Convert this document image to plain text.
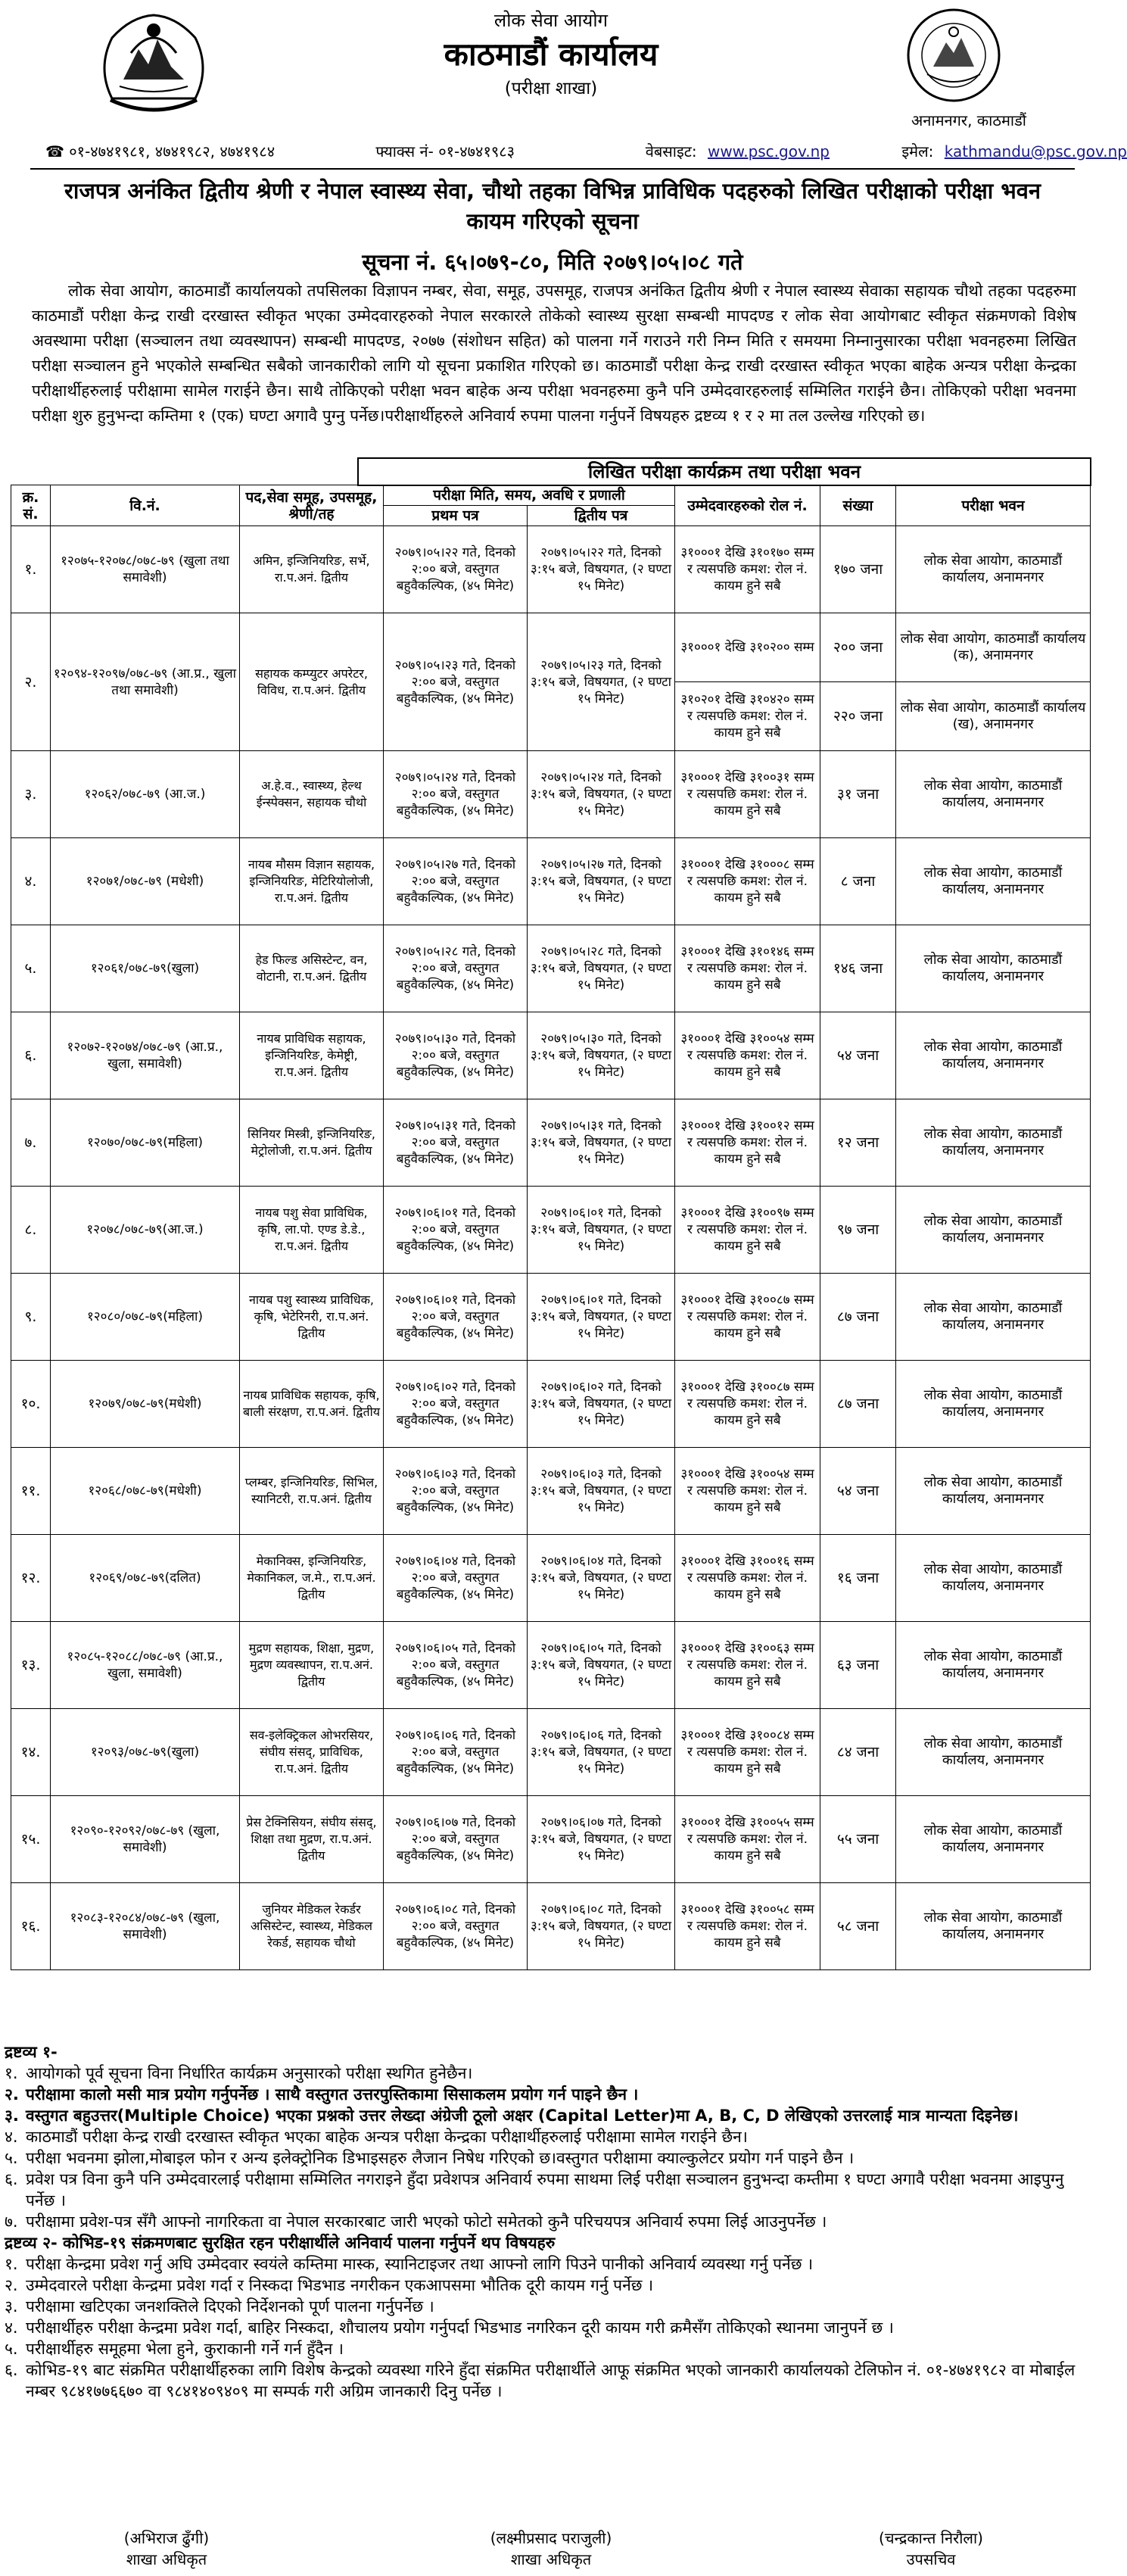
लोक सेवा आयोग
काठमाडौं कार्यालय
(परीक्षा शाखा)
अनामनगर, काठमाडौं
☎ ०१-४७४१९८१, ४७४१९८२, ४७४१९८४	फ्याक्स नं- ०१-४७४१९८३	वेबसाइट: www.psc.gov.np	इमेल: kathmandu@psc.gov.np
राजपत्र अनंकित द्वितीय श्रेणी र नेपाल स्वास्थ्य सेवा, चौथो तहका विभिन्न प्राविधिक पदहरुको लिखित परीक्षाको परीक्षा भवन
कायम गरिएको सूचना
सूचना नं. ६५।०७९-८०, मिति २०७९।०५।०८ गते
लोक सेवा आयोग, काठमाडौं कार्यालयको तपसिलका विज्ञापन नम्बर, सेवा, समूह, उपसमूह, राजपत्र अनंकित द्वितीय श्रेणी र नेपाल स्वास्थ्य सेवाका सहायक चौथो तहका पदहरुमा काठमाडौं परीक्षा केन्द्र राखी दरखास्त स्वीकृत भएका उम्मेदवारहरुको नेपाल सरकारले तोकेको स्वास्थ्य सुरक्षा सम्बन्धी मापदण्ड र लोक सेवा आयोगबाट स्वीकृत संक्रमणको विशेष अवस्थामा परीक्षा (सञ्चालन तथा व्यवस्थापन) सम्बन्धी मापदण्ड, २०७७ (संशोधन सहित) को पालना गर्ने गराउने गरी निम्न मिति र समयमा निम्नानुसारका परीक्षा भवनहरुमा लिखित परीक्षा सञ्चालन हुने भएकोले सम्बन्धित सबैको जानकारीको लागि यो सूचना प्रकाशित गरिएको छ। काठमाडौं परीक्षा केन्द्र राखी दरखास्त स्वीकृत भएका बाहेक अन्यत्र परीक्षा केन्द्रका परीक्षार्थीहरुलाई परीक्षामा सामेल गराईने छैन। साथै तोकिएको परीक्षा भवन बाहेक अन्य परीक्षा भवनहरुमा कुनै पनि उम्मेदवारहरुलाई सम्मिलित गराईने छैन। तोकिएको परीक्षा भवनमा परीक्षा शुरु हुनुभन्दा कम्तिमा १ (एक) घण्टा अगावै पुग्नु पर्नेछ।परीक्षार्थीहरुले अनिवार्य रुपमा पालना गर्नुपर्ने विषयहरु द्रष्टव्य १ र २ मा तल उल्लेख गरिएको छ।
लिखित परीक्षा कार्यक्रम तथा परीक्षा भवन
क्र. सं.	वि.नं.	पद,सेवा समूह, उपसमूह, श्रेणी/तह	परीक्षा मिति, समय, अवधि र प्रणाली		उम्मेदवारहरुको रोल नं.	संख्या	परीक्षा भवन
			प्रथम पत्र	द्वितीय पत्र			
१.	१२०७५-१२०७८/०७८-७९ (खुला तथा समावेशी)	अमिन, इन्जिनियरिङ, सर्भे, रा.प.अनं. द्वितीय	२०७९।०५।२२ गते, दिनको २:०० बजे, वस्तुगत बहुवैकल्पिक, (४५ मिनेट)	२०७९।०५।२२ गते, दिनको ३:१५ बजे, विषयगत, (२ घण्टा १५ मिनेट)	३१०००१ देखि ३१०१७० सम्म र त्यसपछि कमश: रोल नं. कायम हुने सबै	१७० जना	लोक सेवा आयोग, काठमाडौं कार्यालय, अनामनगर
२.	१२०९४-१२०९७/०७८-७९ (आ.प्र., खुला तथा समावेशी)	सहायक कम्प्युटर अपरेटर, विविध, रा.प.अनं. द्वितीय	२०७९।०५।२३ गते, दिनको २:०० बजे, वस्तुगत बहुवैकल्पिक, (४५ मिनेट)	२०७९।०५।२३ गते, दिनको ३:१५ बजे, विषयगत, (२ घण्टा १५ मिनेट)	३१०००१ देखि ३१०२०० सम्म	२०० जना	लोक सेवा आयोग, काठमाडौं कार्यालय (क), अनामनगर
					३१०२०१ देखि ३१०४२० सम्म र त्यसपछि कमश: रोल नं. कायम हुने सबै	२२० जना	लोक सेवा आयोग, काठमाडौं कार्यालय (ख), अनामनगर
३.	१२०६२/०७८-७९ (आ.ज.)	अ.हे.व., स्वास्थ्य, हेल्थ ईन्स्पेक्सन, सहायक चौथो	२०७९।०५।२४ गते, दिनको २:०० बजे, वस्तुगत बहुवैकल्पिक, (४५ मिनेट)	२०७९।०५।२४ गते, दिनको ३:१५ बजे, विषयगत, (२ घण्टा १५ मिनेट)	३१०००१ देखि ३१००३१ सम्म र त्यसपछि कमश: रोल नं. कायम हुने सबै	३१ जना	लोक सेवा आयोग, काठमाडौं कार्यालय, अनामनगर
४.	१२०७१/०७८-७९ (मधेशी)	नायब मौसम विज्ञान सहायक, इन्जिनियरिङ, मेटिरियोलोजी, रा.प.अनं. द्वितीय	२०७९।०५।२७ गते, दिनको २:०० बजे, वस्तुगत बहुवैकल्पिक, (४५ मिनेट)	२०७९।०५।२७ गते, दिनको ३:१५ बजे, विषयगत, (२ घण्टा १५ मिनेट)	३१०००१ देखि ३१०००८ सम्म र त्यसपछि कमश: रोल नं. कायम हुने सबै	८ जना	लोक सेवा आयोग, काठमाडौं कार्यालय, अनामनगर
५.	१२०६१/०७८-७९(खुला)	हेड फिल्ड असिस्टेन्ट, वन, वोटानी, रा.प.अनं. द्वितीय	२०७९।०५।२८ गते, दिनको २:०० बजे, वस्तुगत बहुवैकल्पिक, (४५ मिनेट)	२०७९।०५।२८ गते, दिनको ३:१५ बजे, विषयगत, (२ घण्टा १५ मिनेट)	३१०००१ देखि ३१०१४६ सम्म र त्यसपछि कमश: रोल नं. कायम हुने सबै	१४६ जना	लोक सेवा आयोग, काठमाडौं कार्यालय, अनामनगर
६.	१२०७२-१२०७४/०७८-७९ (आ.प्र., खुला, समावेशी)	नायब प्राविधिक सहायक, इन्जिनियरिङ, केमेष्ट्री, रा.प.अनं. द्वितीय	२०७९।०५।३० गते, दिनको २:०० बजे, वस्तुगत बहुवैकल्पिक, (४५ मिनेट)	२०७९।०५।३० गते, दिनको ३:१५ बजे, विषयगत, (२ घण्टा १५ मिनेट)	३१०००१ देखि ३१००५४ सम्म र त्यसपछि कमश: रोल नं. कायम हुने सबै	५४ जना	लोक सेवा आयोग, काठमाडौं कार्यालय, अनामनगर
७.	१२०७०/०७८-७९(महिला)	सिनियर मिस्त्री, इन्जिनियरिङ, मेट्रोलोजी, रा.प.अनं. द्वितीय	२०७९।०५।३१ गते, दिनको २:०० बजे, वस्तुगत बहुवैकल्पिक, (४५ मिनेट)	२०७९।०५।३१ गते, दिनको ३:१५ बजे, विषयगत, (२ घण्टा १५ मिनेट)	३१०००१ देखि ३१००१२ सम्म र त्यसपछि कमश: रोल नं. कायम हुने सबै	१२ जना	लोक सेवा आयोग, काठमाडौं कार्यालय, अनामनगर
८.	१२०७८/०७८-७९(आ.ज.)	नायब पशु सेवा प्राविधिक, कृषि, ला.पो. एण्ड डे.डे., रा.प.अनं. द्वितीय	२०७९।०६।०१ गते, दिनको २:०० बजे, वस्तुगत बहुवैकल्पिक, (४५ मिनेट)	२०७९।०६।०१ गते, दिनको ३:१५ बजे, विषयगत, (२ घण्टा १५ मिनेट)	३१०००१ देखि ३१००९७ सम्म र त्यसपछि कमश: रोल नं. कायम हुने सबै	९७ जना	लोक सेवा आयोग, काठमाडौं कार्यालय, अनामनगर
९.	१२०८०/०७८-७९(महिला)	नायब पशु स्वास्थ्य प्राविधिक, कृषि, भेटेरिनरी, रा.प.अनं. द्वितीय	२०७९।०६।०१ गते, दिनको २:०० बजे, वस्तुगत बहुवैकल्पिक, (४५ मिनेट)	२०७९।०६।०१ गते, दिनको ३:१५ बजे, विषयगत, (२ घण्टा १५ मिनेट)	३१०००१ देखि ३१००८७ सम्म र त्यसपछि कमश: रोल नं. कायम हुने सबै	८७ जना	लोक सेवा आयोग, काठमाडौं कार्यालय, अनामनगर
१०.	१२०७९/०७८-७९(मधेशी)	नायब प्राविधिक सहायक, कृषि, बाली संरक्षण, रा.प.अनं. द्वितीय	२०७९।०६।०२ गते, दिनको २:०० बजे, वस्तुगत बहुवैकल्पिक, (४५ मिनेट)	२०७९।०६।०२ गते, दिनको ३:१५ बजे, विषयगत, (२ घण्टा १५ मिनेट)	३१०००१ देखि ३१००८७ सम्म र त्यसपछि कमश: रोल नं. कायम हुने सबै	८७ जना	लोक सेवा आयोग, काठमाडौं कार्यालय, अनामनगर
११.	१२०६८/०७८-७९(मधेशी)	प्लम्बर, इन्जिनियरिङ, सिभिल, स्यानिटरी, रा.प.अनं. द्वितीय	२०७९।०६।०३ गते, दिनको २:०० बजे, वस्तुगत बहुवैकल्पिक, (४५ मिनेट)	२०७९।०६।०३ गते, दिनको ३:१५ बजे, विषयगत, (२ घण्टा १५ मिनेट)	३१०००१ देखि ३१००५४ सम्म र त्यसपछि कमश: रोल नं. कायम हुने सबै	५४ जना	लोक सेवा आयोग, काठमाडौं कार्यालय, अनामनगर
१२.	१२०६९/०७८-७९(दलित)	मेकानिक्स, इन्जिनियरिङ, मेकानिकल, ज.मे., रा.प.अनं. द्वितीय	२०७९।०६।०४ गते, दिनको २:०० बजे, वस्तुगत बहुवैकल्पिक, (४५ मिनेट)	२०७९।०६।०४ गते, दिनको ३:१५ बजे, विषयगत, (२ घण्टा १५ मिनेट)	३१०००१ देखि ३१००१६ सम्म र त्यसपछि कमश: रोल नं. कायम हुने सबै	१६ जना	लोक सेवा आयोग, काठमाडौं कार्यालय, अनामनगर
१३.	१२०८५-१२०८८/०७८-७९ (आ.प्र., खुला, समावेशी)	मुद्रण सहायक, शिक्षा, मुद्रण, मुद्रण व्यवस्थापन, रा.प.अनं. द्वितीय	२०७९।०६।०५ गते, दिनको २:०० बजे, वस्तुगत बहुवैकल्पिक, (४५ मिनेट)	२०७९।०६।०५ गते, दिनको ३:१५ बजे, विषयगत, (२ घण्टा १५ मिनेट)	३१०००१ देखि ३१००६३ सम्म र त्यसपछि कमश: रोल नं. कायम हुने सबै	६३ जना	लोक सेवा आयोग, काठमाडौं कार्यालय, अनामनगर
१४.	१२०९३/०७८-७९(खुला)	सव-इलेक्ट्रिकल ओभरसियर, संघीय संसद्, प्राविधिक, रा.प.अनं. द्वितीय	२०७९।०६।०६ गते, दिनको २:०० बजे, वस्तुगत बहुवैकल्पिक, (४५ मिनेट)	२०७९।०६।०६ गते, दिनको ३:१५ बजे, विषयगत, (२ घण्टा १५ मिनेट)	३१०००१ देखि ३१००८४ सम्म र त्यसपछि कमश: रोल नं. कायम हुने सबै	८४ जना	लोक सेवा आयोग, काठमाडौं कार्यालय, अनामनगर
१५.	१२०९०-१२०९२/०७८-७९ (खुला, समावेशी)	प्रेस टेक्निसियन, संघीय संसद्, शिक्षा तथा मुद्रण, रा.प.अनं. द्वितीय	२०७९।०६।०७ गते, दिनको २:०० बजे, वस्तुगत बहुवैकल्पिक, (४५ मिनेट)	२०७९।०६।०७ गते, दिनको ३:१५ बजे, विषयगत, (२ घण्टा १५ मिनेट)	३१०००१ देखि ३१००५५ सम्म र त्यसपछि कमश: रोल नं. कायम हुने सबै	५५ जना	लोक सेवा आयोग, काठमाडौं कार्यालय, अनामनगर
१६.	१२०८३-१२०८४/०७८-७९ (खुला, समावेशी)	जुनियर मेडिकल रेकर्डर असिस्टेन्ट, स्वास्थ्य, मेडिकल रेकर्ड, सहायक चौथो	२०७९।०६।०८ गते, दिनको २:०० बजे, वस्तुगत बहुवैकल्पिक, (४५ मिनेट)	२०७९।०६।०८ गते, दिनको ३:१५ बजे, विषयगत, (२ घण्टा १५ मिनेट)	३१०००१ देखि ३१००५८ सम्म र त्यसपछि कमश: रोल नं. कायम हुने सबै	५८ जना	लोक सेवा आयोग, काठमाडौं कार्यालय, अनामनगर

द्रष्टव्य १-

१. आयोगको पूर्व सूचना विना निर्धारित कार्यक्रम अनुसारको परीक्षा स्थगित हुनेछैन।
२. परीक्षामा कालो मसी मात्र प्रयोग गर्नुपर्नेछ । साथै वस्तुगत उत्तरपुस्तिकामा सिसाकलम प्रयोग गर्न पाइने छैन ।
३. वस्तुगत बहुउत्तर(Multiple Choice) भएका प्रश्नको उत्तर लेख्दा अंग्रेजी ठूलो अक्षर (Capital Letter)मा A, B, C, D लेखिएको उत्तरलाई मात्र मान्यता दिइनेछ।
४. काठमाडौं परीक्षा केन्द्र राखी दरखास्त स्वीकृत भएका बाहेक अन्यत्र परीक्षा केन्द्रका परीक्षार्थीहरुलाई परीक्षामा सामेल गराईने छैन।
५. परीक्षा भवनमा झोला,मोबाइल फोन र अन्य इलेक्ट्रोनिक डिभाइसहरु लैजान निषेध गरिएको छ।वस्तुगत परीक्षामा क्याल्कुलेटर प्रयोग गर्न पाइने छैन ।
६. प्रवेश पत्र विना कुनै पनि उम्मेदवारलाई परीक्षामा सम्मिलित नगराइने हुँदा प्रवेशपत्र अनिवार्य रुपमा साथमा लिई परीक्षा सञ्चालन हुनुभन्दा कम्तीमा १ घण्टा अगावै परीक्षा भवनमा आइपुग्नु पर्नेछ ।
७. परीक्षामा प्रवेश-पत्र सँगै आफ्नो नागरिकता वा नेपाल सरकारबाट जारी भएको फोटो समेतको कुनै परिचयपत्र अनिवार्य रुपमा लिई आउनुपर्नेछ ।

द्रष्टव्य २- कोभिड-१९ संक्रमणबाट सुरक्षित रहन परीक्षार्थीले अनिवार्य पालना गर्नुपर्ने थप विषयहरु

१. परीक्षा केन्द्रमा प्रवेश गर्नु अघि उम्मेदवार स्वयंले कम्तिमा मास्क, स्यानिटाइजर तथा आफ्नो लागि पिउने पानीको अनिवार्य व्यवस्था गर्नु पर्नेछ ।
२. उम्मेदवारले परीक्षा केन्द्रमा प्रवेश गर्दा र निस्कदा भिडभाड नगरीकन एकआपसमा भौतिक दूरी कायम गर्नु पर्नेछ ।
३. परीक्षामा खटिएका जनशक्तिले दिएको निर्देशनको पूर्ण पालना गर्नुपर्नेछ ।
४. परीक्षार्थीहरु परीक्षा केन्द्रमा प्रवेश गर्दा, बाहिर निस्कदा, शौचालय प्रयोग गर्नुपर्दा भिडभाड नगरिकन दूरी कायम गरी क्रमैसँग तोकिएको स्थानमा जानुपर्ने छ ।
५. परीक्षार्थीहरु समूहमा भेला हुने, कुराकानी गर्ने गर्न हुँदैन ।
६. कोभिड-१९ बाट संक्रमित परीक्षार्थीहरुका लागि विशेष केन्द्रको व्यवस्था गरिने हुँदा संक्रमित परीक्षार्थीले आफू संक्रमित भएको जानकारी कार्यालयको टेलिफोन नं. ०१-४७४१९८२ वा मोबाईल नम्बर ९८४१७७६६७० वा ९८४१४०९४०९ मा सम्पर्क गरी अग्रिम जानकारी दिनु पर्नेछ ।
(अभिराज ढुँगी)
शाखा अधिकृत
(लक्ष्मीप्रसाद पराजुली)
शाखा अधिकृत
(चन्द्रकान्त निरौला)
उपसचिव
